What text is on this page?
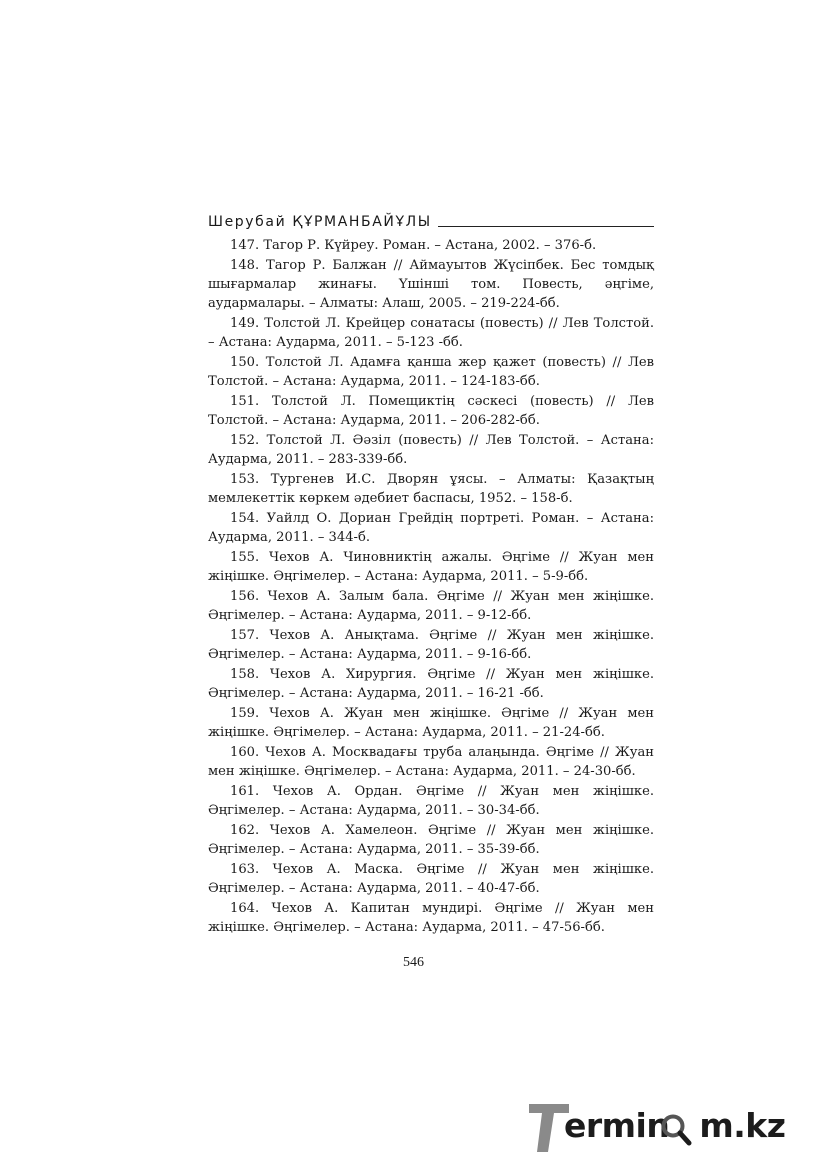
Шерубай ҚҰРМАНБАЙҰЛЫ

147. Тагор Р. Күйреу. Роман. – Астана, 2002. – 376-б.

148. Тагор Р. Балжан // Аймауытов Жүсіпбек. Бес томдық шығармалар жинағы. Үшінші том. Повесть, әңгіме, аудармалары. – Алматы: Алаш, 2005. – 219-224-бб.

149. Толстой Л. Крейцер сонатасы (повесть) // Лев Толстой. – Астана: Аударма, 2011. – 5-123 -бб.

150. Толстой Л. Адамға қанша жер қажет (повесть) // Лев Толстой. – Астана: Аударма, 2011. – 124-183-бб.

151. Толстой Л. Помещиктің сәскесі (повесть) // Лев Толстой. – Астана: Аударма, 2011. – 206-282-бб.

152. Толстой Л. Әәзіл (повесть) // Лев Толстой. – Астана: Аударма, 2011. – 283-339-бб.

153. Тургенев И.С. Дворян ұясы. – Алматы: Қазақтың мемлекеттік көркем әдебиет баспасы, 1952. – 158-б.

154. Уайлд О. Дориан Грейдің портреті. Роман. – Астана: Аударма, 2011. – 344-б.

155. Чехов А. Чиновниктің ажалы. Әңгіме // Жуан мен жіңішке. Әңгімелер. – Астана: Аударма, 2011. – 5-9-бб.

156. Чехов А. Залым бала. Әңгіме // Жуан мен жіңішке. Әңгімелер. – Астана: Аударма, 2011. – 9-12-бб.

157. Чехов А. Анықтама. Әңгіме // Жуан мен жіңішке. Әңгімелер. – Астана: Аударма, 2011. – 9-16-бб.

158. Чехов А. Хирургия. Әңгіме // Жуан мен жіңішке. Әңгімелер. – Астана: Аударма, 2011. – 16-21 -бб.

159. Чехов А. Жуан мен жіңішке. Әңгіме // Жуан мен жіңішке. Әңгімелер. – Астана: Аударма, 2011. – 21-24-бб.

160. Чехов А. Москвадағы труба алаңында. Әңгіме // Жуан мен жіңішке. Әңгімелер. – Астана: Аударма, 2011. – 24-30-бб.

161. Чехов А. Ордан. Әңгіме // Жуан мен жіңішке. Әңгімелер. – Астана: Аударма, 2011. – 30-34-бб.

162. Чехов А. Хамелеон. Әңгіме // Жуан мен жіңішке. Әңгімелер. – Астана: Аударма, 2011. – 35-39-бб.

163. Чехов А. Маска. Әңгіме // Жуан мен жіңішке. Әңгімелер. – Астана: Аударма, 2011. – 40-47-бб.

164. Чехов А. Капитан мундирі. Әңгіме // Жуан мен жіңішке. Әңгімелер. – Астана: Аударма, 2011. – 47-56-бб.

546
ermin m.kz
